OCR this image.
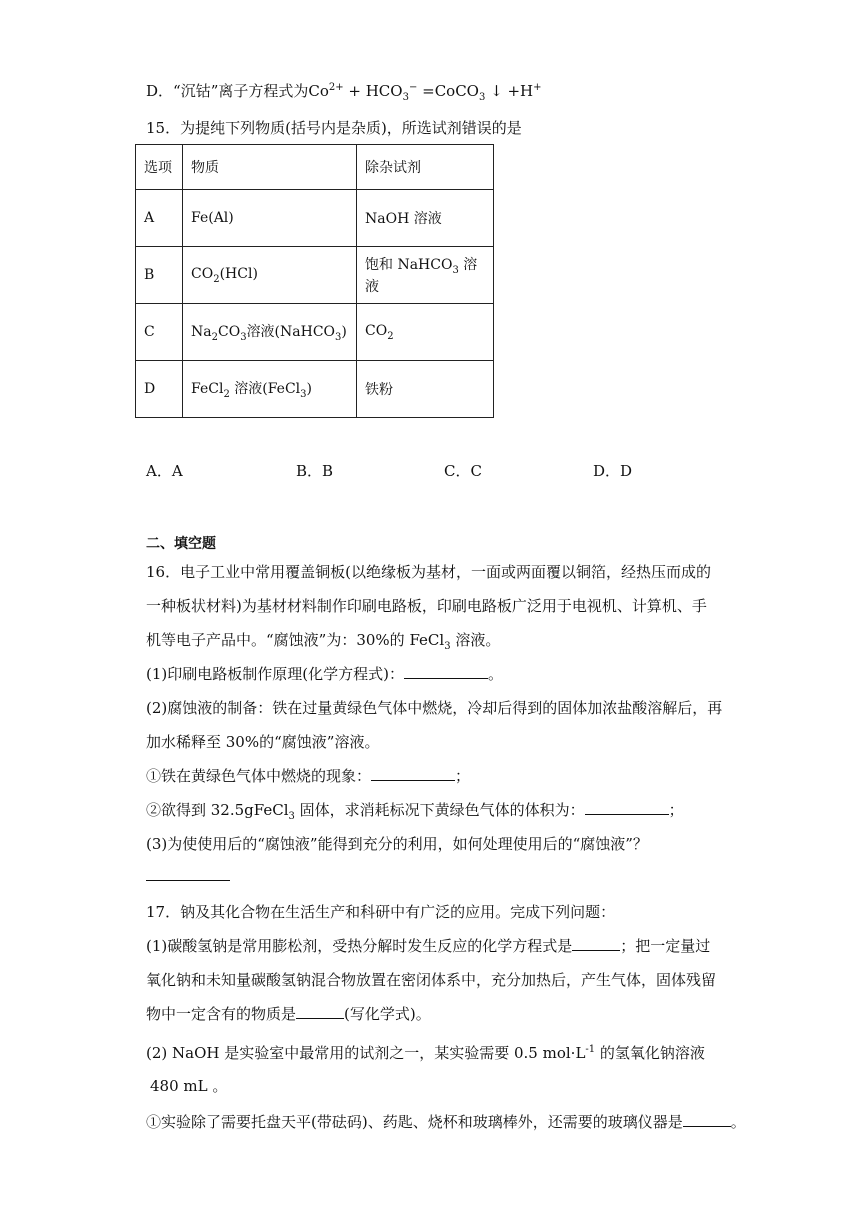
D．“沉钴”离子方程式为$Co^{2+} + HCO_3^-$ =CoCO$_3$ ↓ +H+
15．为提纯下列物质(括号内是杂质)，所选试剂错误的是
选项	物质	除杂试剂
A	Fe(Al)	NaOH 溶液
B	$CO_2(HCl)$	饱和 NaHCO$_3$ 溶液
C	$Na_2CO_3$溶液(NaHCO$_3$)	$CO_2$
D	FeCl$_2$ 溶液(FeCl$_3$)	铁粉
A．A	B．B	C．C	D．D
二、填空题
16．电子工业中常用覆盖铜板(以绝缘板为基材，一面或两面覆以铜箔，经热压而成的
一种板状材料)为基材材料制作印刷电路板，印刷电路板广泛用于电视机、计算机、手
机等电子产品中。“腐蚀液”为：30%的 FeCl$_3$ 溶液。
(1)印刷电路板制作原理(化学方程式)：	。
(2)腐蚀液的制备：铁在过量黄绿色气体中燃烧，冷却后得到的固体加浓盐酸溶解后，再
加水稀释至 30%的“腐蚀液”溶液。
①铁在黄绿色气体中燃烧的现象：	；
②欲得到 32.5gFeCl$_3$ 固体，求消耗标况下黄绿色气体的体积为：	；
(3)为使使用后的“腐蚀液”能得到充分的利用，如何处理使用后的“腐蚀液”？
17．钠及其化合物在生活生产和科研中有广泛的应用。完成下列问题：
(1)碳酸氢钠是常用膨松剂，受热分解时发生反应的化学方程式是	；把一定量过
氧化钠和未知量碳酸氢钠混合物放置在密闭体系中，充分加热后，产生气体，固体残留
物中一定含有的物质是	(写化学式)。
(2) NaOH 是实验室中最常用的试剂之一，某实验需要 0.5 $mol\cdot L^{-1}$ 的氢氧化钠溶液
480 mL 。
①实验除了需要托盘天平(带砝码)、药匙、烧杯和玻璃棒外，还需要的玻璃仪器是	。
